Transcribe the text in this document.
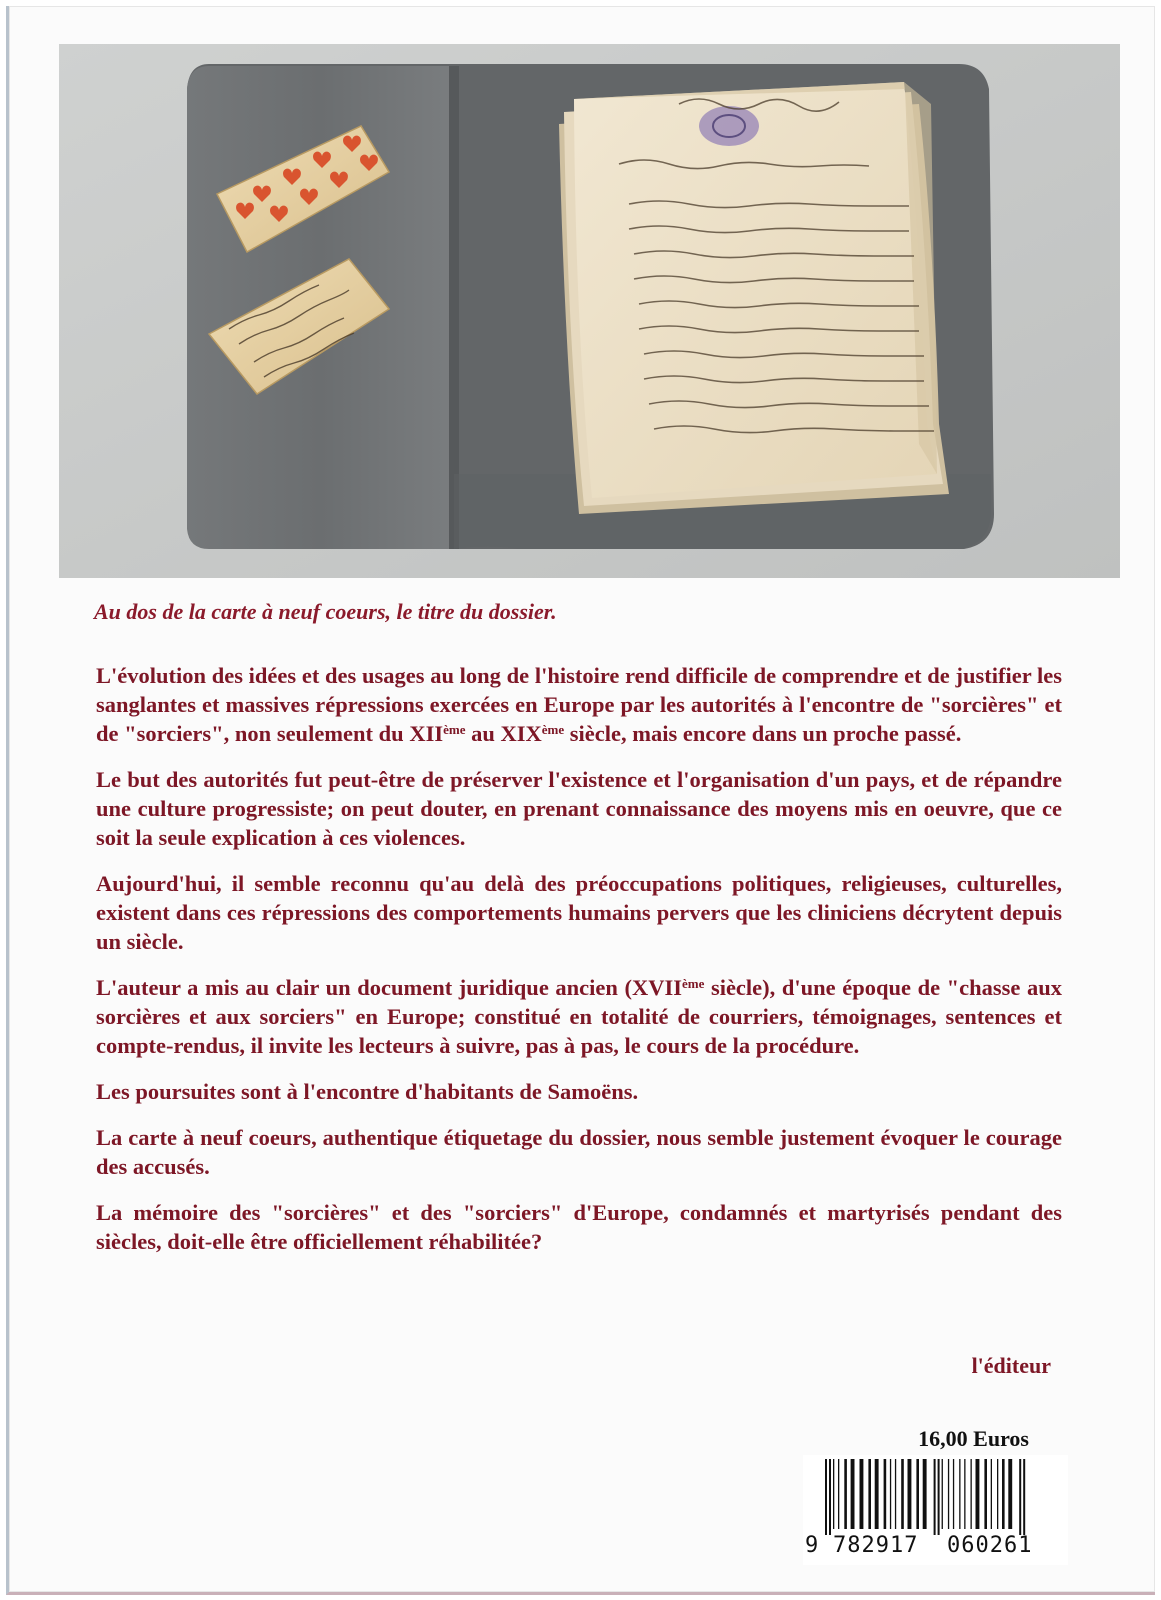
Au dos de la carte à neuf coeurs, le titre du dossier.

L'évolution des idées et des usages au long de l'histoire rend difficile de comprendre et de justifier les sanglantes et massives répressions exercées en Europe par les autorités à l'encontre de "sorcières" et de "sorciers", non seulement du XIIème au XIXème siècle, mais encore dans un proche passé.

Le but des autorités fut peut-être de préserver l'existence et l'organisation d'un pays, et de répandre une culture progressiste; on peut douter, en prenant connaissance des moyens mis en oeuvre, que ce soit la seule explication à ces violences.

Aujourd'hui, il semble reconnu qu'au delà des préoccupations politiques, religieuses, culturelles, existent dans ces répressions des comportements humains pervers que les cliniciens décrytent depuis un siècle.

L'auteur a mis au clair un document juridique ancien (XVIIème siècle), d'une époque de "chasse aux sorcières et aux sorciers" en Europe; constitué en totalité de courriers, témoignages, sentences et compte-rendus, il invite les lecteurs à suivre, pas à pas, le cours de la procédure.

Les poursuites sont à l'encontre d'habitants de Samoëns.

La carte à neuf coeurs, authentique étiquetage du dossier, nous semble justement évoquer le courage des accusés.

La mémoire des "sorcières" et des "sorciers" d'Europe, condamnés et martyrisés pendant des siècles, doit-elle être officiellement réhabilitée?

l'éditeur
16,00 Euros
9 782917 060261
